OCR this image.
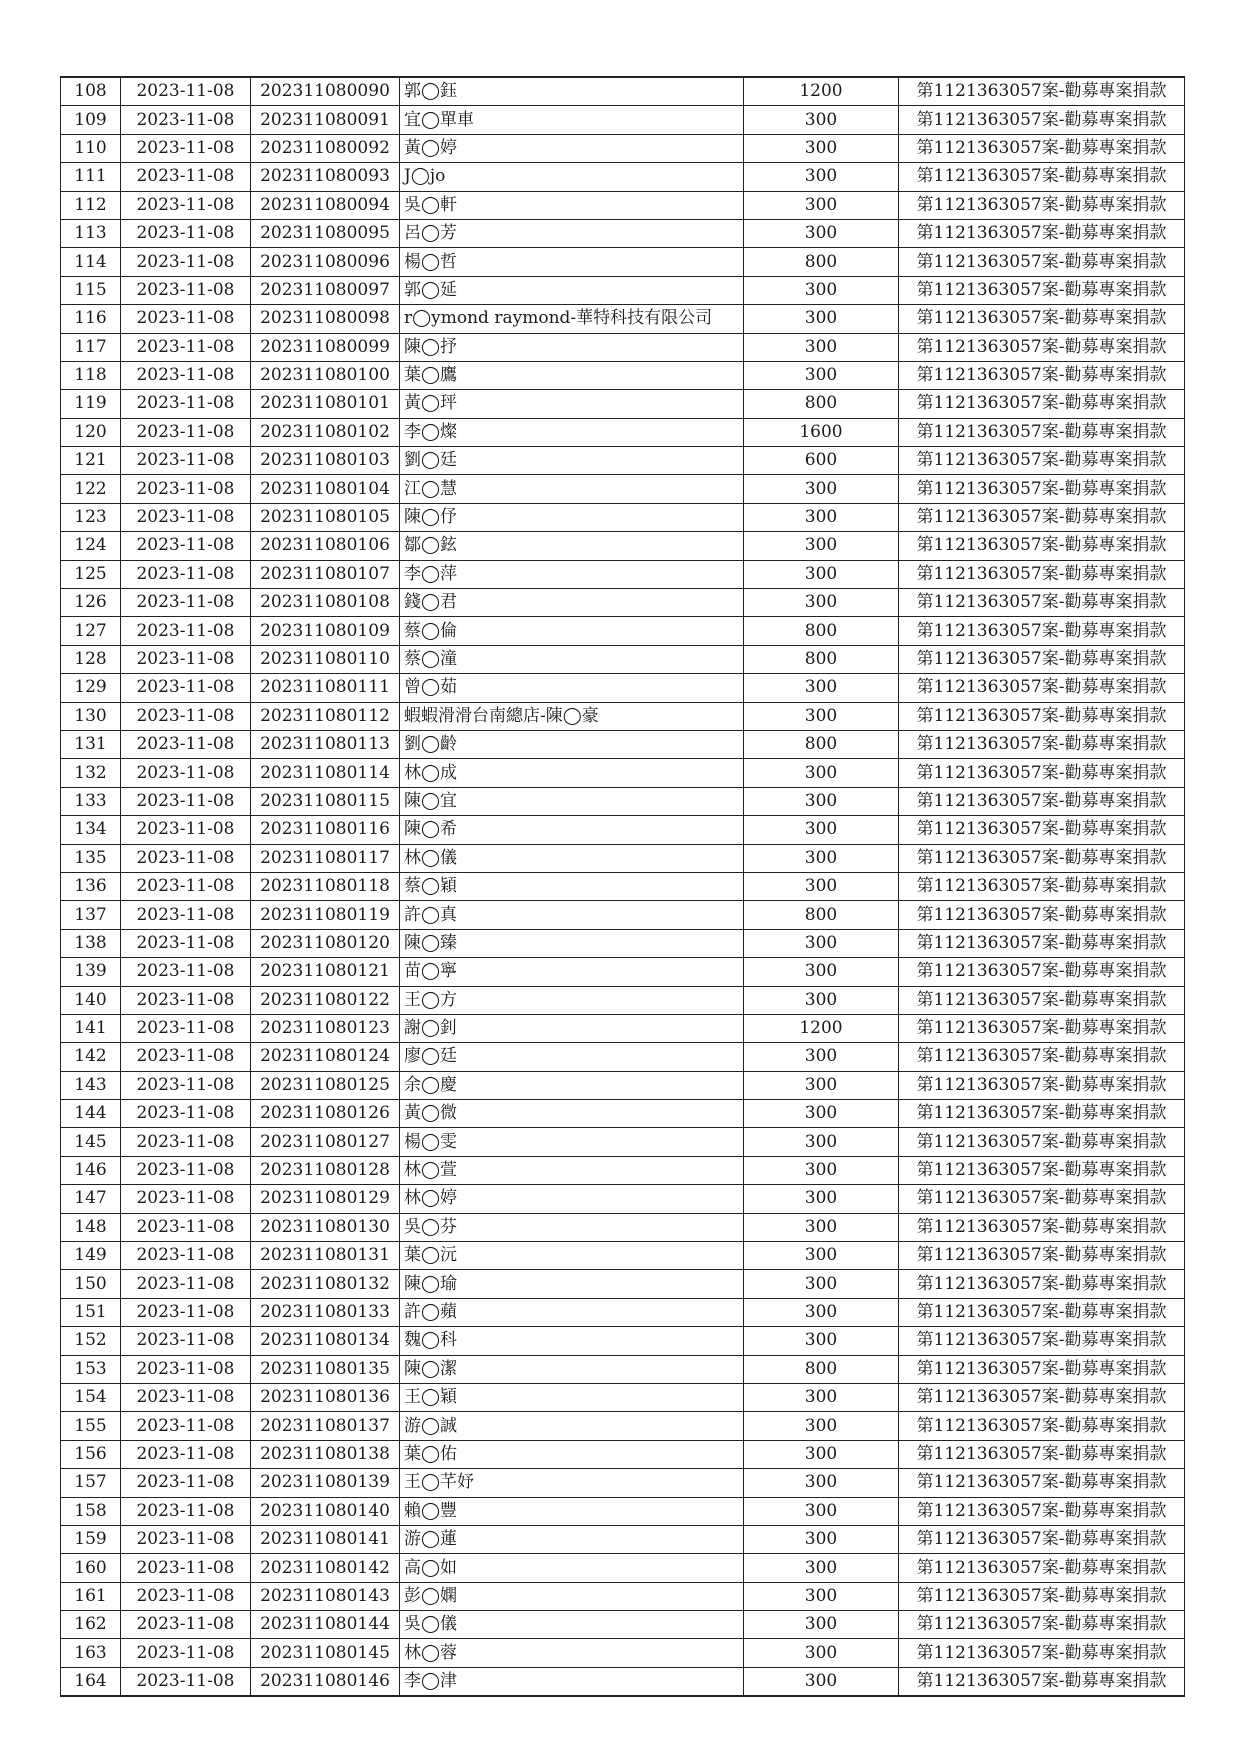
108	2023-11-08	202311080090	郭◯鈺	1200	第1121363057案-勸募專案捐款
109	2023-11-08	202311080091	宜◯單車	300	第1121363057案-勸募專案捐款
110	2023-11-08	202311080092	黃◯婷	300	第1121363057案-勸募專案捐款
111	2023-11-08	202311080093	J◯jo	300	第1121363057案-勸募專案捐款
112	2023-11-08	202311080094	吳◯軒	300	第1121363057案-勸募專案捐款
113	2023-11-08	202311080095	呂◯芳	300	第1121363057案-勸募專案捐款
114	2023-11-08	202311080096	楊◯哲	800	第1121363057案-勸募專案捐款
115	2023-11-08	202311080097	郭◯延	300	第1121363057案-勸募專案捐款
116	2023-11-08	202311080098	r◯ymond raymond-華特科技有限公司	300	第1121363057案-勸募專案捐款
117	2023-11-08	202311080099	陳◯抒	300	第1121363057案-勸募專案捐款
118	2023-11-08	202311080100	葉◯鷹	300	第1121363057案-勸募專案捐款
119	2023-11-08	202311080101	黃◯玶	800	第1121363057案-勸募專案捐款
120	2023-11-08	202311080102	李◯燦	1600	第1121363057案-勸募專案捐款
121	2023-11-08	202311080103	劉◯廷	600	第1121363057案-勸募專案捐款
122	2023-11-08	202311080104	江◯慧	300	第1121363057案-勸募專案捐款
123	2023-11-08	202311080105	陳◯伃	300	第1121363057案-勸募專案捐款
124	2023-11-08	202311080106	鄒◯鉉	300	第1121363057案-勸募專案捐款
125	2023-11-08	202311080107	李◯萍	300	第1121363057案-勸募專案捐款
126	2023-11-08	202311080108	錢◯君	300	第1121363057案-勸募專案捐款
127	2023-11-08	202311080109	蔡◯倫	800	第1121363057案-勸募專案捐款
128	2023-11-08	202311080110	蔡◯潼	800	第1121363057案-勸募專案捐款
129	2023-11-08	202311080111	曾◯茹	300	第1121363057案-勸募專案捐款
130	2023-11-08	202311080112	蝦蝦滑滑台南總店-陳◯豪	300	第1121363057案-勸募專案捐款
131	2023-11-08	202311080113	劉◯齡	800	第1121363057案-勸募專案捐款
132	2023-11-08	202311080114	林◯成	300	第1121363057案-勸募專案捐款
133	2023-11-08	202311080115	陳◯宜	300	第1121363057案-勸募專案捐款
134	2023-11-08	202311080116	陳◯希	300	第1121363057案-勸募專案捐款
135	2023-11-08	202311080117	林◯儀	300	第1121363057案-勸募專案捐款
136	2023-11-08	202311080118	蔡◯穎	300	第1121363057案-勸募專案捐款
137	2023-11-08	202311080119	許◯真	800	第1121363057案-勸募專案捐款
138	2023-11-08	202311080120	陳◯臻	300	第1121363057案-勸募專案捐款
139	2023-11-08	202311080121	苗◯寧	300	第1121363057案-勸募專案捐款
140	2023-11-08	202311080122	王◯方	300	第1121363057案-勸募專案捐款
141	2023-11-08	202311080123	謝◯釗	1200	第1121363057案-勸募專案捐款
142	2023-11-08	202311080124	廖◯廷	300	第1121363057案-勸募專案捐款
143	2023-11-08	202311080125	余◯慶	300	第1121363057案-勸募專案捐款
144	2023-11-08	202311080126	黃◯微	300	第1121363057案-勸募專案捐款
145	2023-11-08	202311080127	楊◯雯	300	第1121363057案-勸募專案捐款
146	2023-11-08	202311080128	林◯萱	300	第1121363057案-勸募專案捐款
147	2023-11-08	202311080129	林◯婷	300	第1121363057案-勸募專案捐款
148	2023-11-08	202311080130	吳◯芬	300	第1121363057案-勸募專案捐款
149	2023-11-08	202311080131	葉◯沅	300	第1121363057案-勸募專案捐款
150	2023-11-08	202311080132	陳◯瑜	300	第1121363057案-勸募專案捐款
151	2023-11-08	202311080133	許◯蘋	300	第1121363057案-勸募專案捐款
152	2023-11-08	202311080134	魏◯科	300	第1121363057案-勸募專案捐款
153	2023-11-08	202311080135	陳◯潔	800	第1121363057案-勸募專案捐款
154	2023-11-08	202311080136	王◯穎	300	第1121363057案-勸募專案捐款
155	2023-11-08	202311080137	游◯誠	300	第1121363057案-勸募專案捐款
156	2023-11-08	202311080138	葉◯佑	300	第1121363057案-勸募專案捐款
157	2023-11-08	202311080139	王◯芊妤	300	第1121363057案-勸募專案捐款
158	2023-11-08	202311080140	賴◯豐	300	第1121363057案-勸募專案捐款
159	2023-11-08	202311080141	游◯蓮	300	第1121363057案-勸募專案捐款
160	2023-11-08	202311080142	高◯如	300	第1121363057案-勸募專案捐款
161	2023-11-08	202311080143	彭◯嫻	300	第1121363057案-勸募專案捐款
162	2023-11-08	202311080144	吳◯儀	300	第1121363057案-勸募專案捐款
163	2023-11-08	202311080145	林◯蓉	300	第1121363057案-勸募專案捐款
164	2023-11-08	202311080146	李◯津	300	第1121363057案-勸募專案捐款
